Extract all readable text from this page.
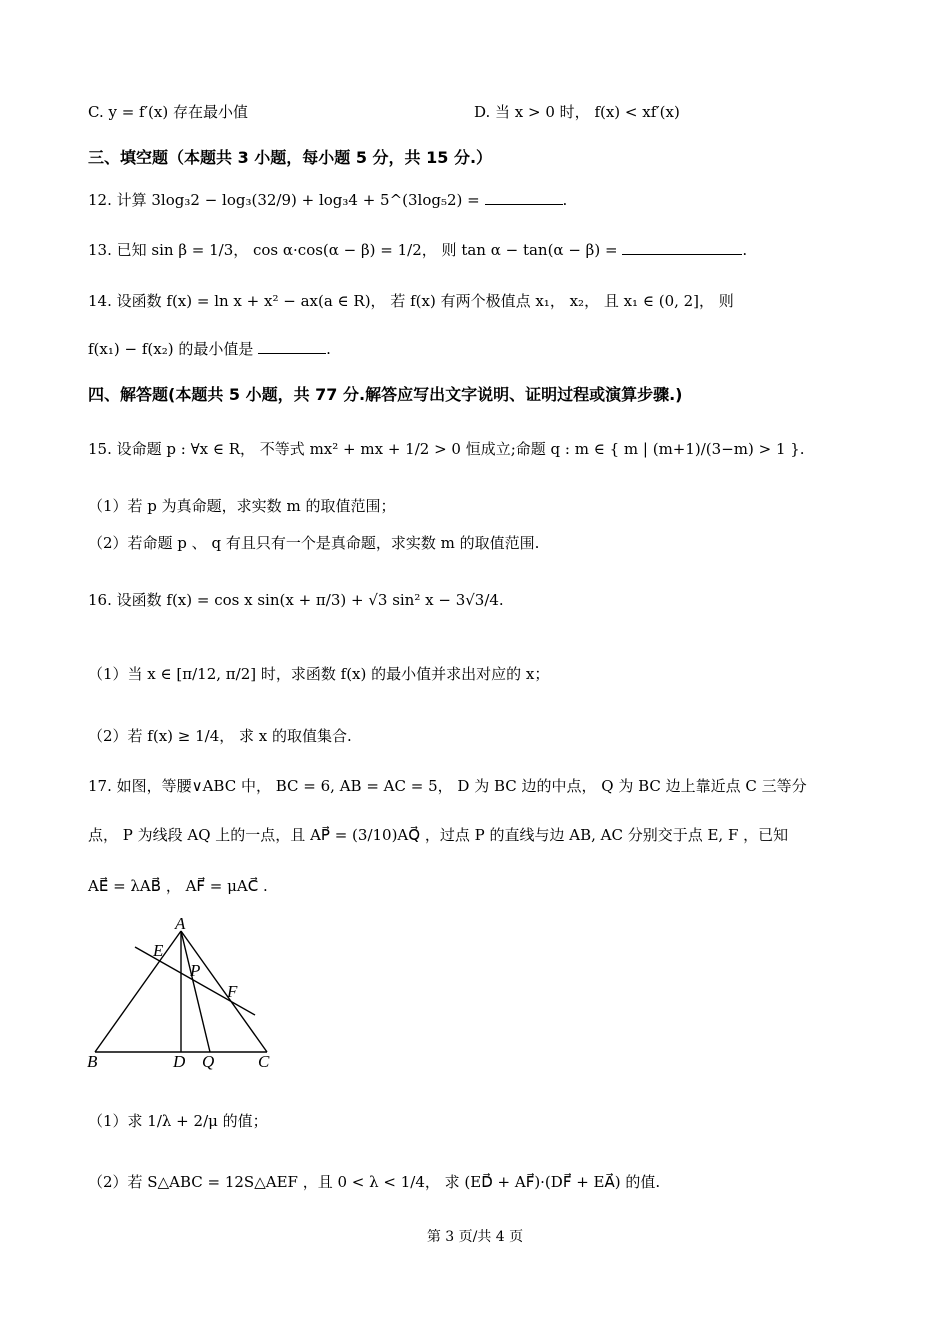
C. y = f′(x) 存在最小值	D. 当 x > 0 时， f(x) < xf′(x)
三、填空题（本题共 3 小题，每小题 5 分，共 15 分.）
12. 计算 3log₃2 − log₃(32/9) + log₃4 + 5^(3log₅2) =	.
13. 已知 sin β = 1/3， cos α·cos(α − β) = 1/2， 则 tan α − tan(α − β) =	.
14. 设函数 f(x) = ln x + x² − ax(a ∈ R)， 若 f(x) 有两个极值点 x₁， x₂， 且 x₁ ∈ (0, 2]， 则
f(x₁) − f(x₂) 的最小值是	.
四、解答题(本题共 5 小题，共 77 分.解答应写出文字说明、证明过程或演算步骤.)
15. 设命题 p : ∀x ∈ R， 不等式 mx² + mx + 1/2 > 0 恒成立;命题 q : m ∈ { m | (m+1)/(3−m) > 1 }.
（1）若 p 为真命题，求实数 m 的取值范围；
（2）若命题 p 、 q 有且只有一个是真命题，求实数 m 的取值范围.
16. 设函数 f(x) = cos x sin(x + π/3) + √3 sin² x − 3√3/4.
（1）当 x ∈ [π/12, π/2] 时，求函数 f(x) 的最小值并求出对应的 x；
（2）若 f(x) ≥ 1/4， 求 x 的取值集合.
17. 如图，等腰∨ABC 中， BC = 6, AB = AC = 5， D 为 BC 边的中点， Q 为 BC 边上靠近点 C 三等分
点， P 为线段 AQ 上的一点，且 AP⃗ = (3/10)AQ⃗ ，过点 P 的直线与边 AB, AC 分别交于点 E, F ，已知
AE⃗ = λAB⃗ ， AF⃗ = μAC⃗ .
A
E
P
F
B	D Q	C
（1）求 1/λ + 2/μ 的值；
（2）若 S△ABC = 12S△AEF ，且 0 < λ < 1/4， 求 (ED⃗ + AF⃗)·(DF⃗ + EA⃗) 的值.
第 3 页/共 4 页
